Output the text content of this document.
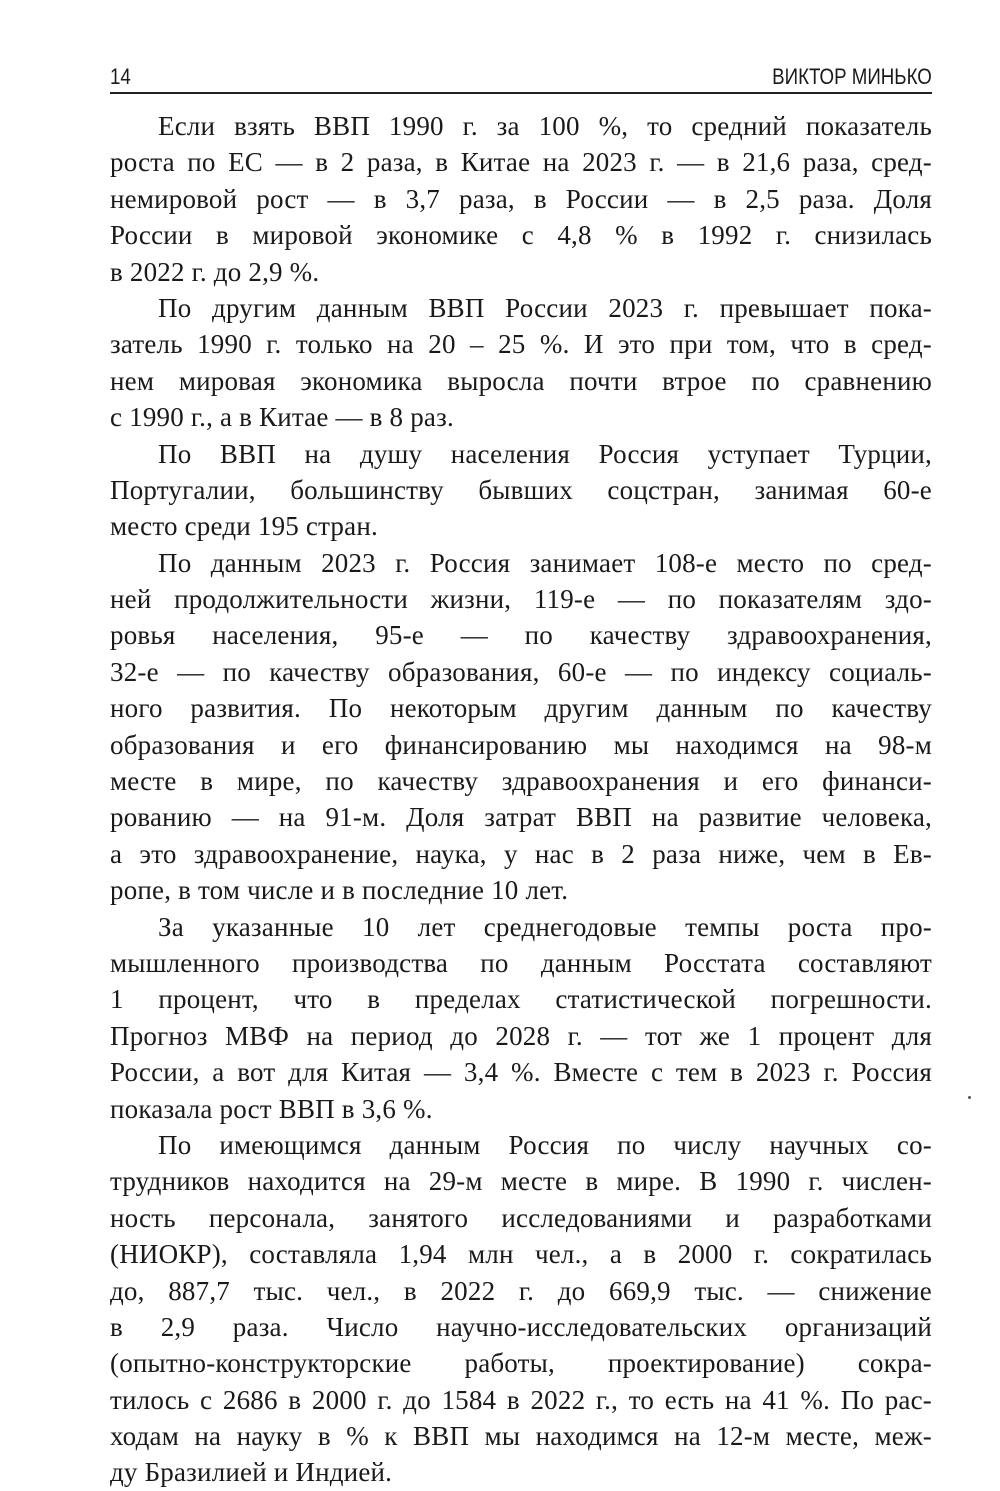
14	ВИКТОР МИНЬКО

Если взять ВВП 1990 г. за 100 %, то средний показатель
роста по ЕС — в 2 раза, в Китае на 2023 г. — в 21,6 раза, сред-
немировой рост — в 3,7 раза, в России — в 2,5 раза. Доля
России в мировой экономике с 4,8 % в 1992 г. снизилась
в 2022 г. до 2,9 %.

По другим данным ВВП России 2023 г. превышает пока-
затель 1990 г. только на 20 – 25 %. И это при том, что в сред-
нем мировая экономика выросла почти втрое по сравнению
с 1990 г., а в Китае — в 8 раз.

По ВВП на душу населения Россия уступает Турции,
Португалии, большинству бывших соцстран, занимая 60-е
место среди 195 стран.

По данным 2023 г. Россия занимает 108-е место по сред-
ней продолжительности жизни, 119-е — по показателям здо-
ровья населения, 95-е — по качеству здравоохранения,
32-е — по качеству образования, 60-е — по индексу социаль-
ного развития. По некоторым другим данным по качеству
образования и его финансированию мы находимся на 98-м
месте в мире, по качеству здравоохранения и его финанси-
рованию — на 91-м. Доля затрат ВВП на развитие человека,
а это здравоохранение, наука, у нас в 2 раза ниже, чем в Ев-
ропе, в том числе и в последние 10 лет.

За указанные 10 лет среднегодовые темпы роста про-
мышленного производства по данным Росстата составляют
1 процент, что в пределах статистической погрешности.
Прогноз МВФ на период до 2028 г. — тот же 1 процент для
России, а вот для Китая — 3,4 %. Вместе с тем в 2023 г. Россия
показала рост ВВП в 3,6 %.

По имеющимся данным Россия по числу научных со-
трудников находится на 29-м месте в мире. В 1990 г. числен-
ность персонала, занятого исследованиями и разработками
(НИОКР), составляла 1,94 млн чел., а в 2000 г. сократилась
до, 887,7 тыс. чел., в 2022 г. до 669,9 тыс. — снижение
в 2,9 раза. Число научно-исследовательских организаций
(опытно-конструкторские работы, проектирование) сокра-
тилось с 2686 в 2000 г. до 1584 в 2022 г., то есть на 41 %. По рас-
ходам на науку в % к ВВП мы находимся на 12-м месте, меж-
ду Бразилией и Индией.
